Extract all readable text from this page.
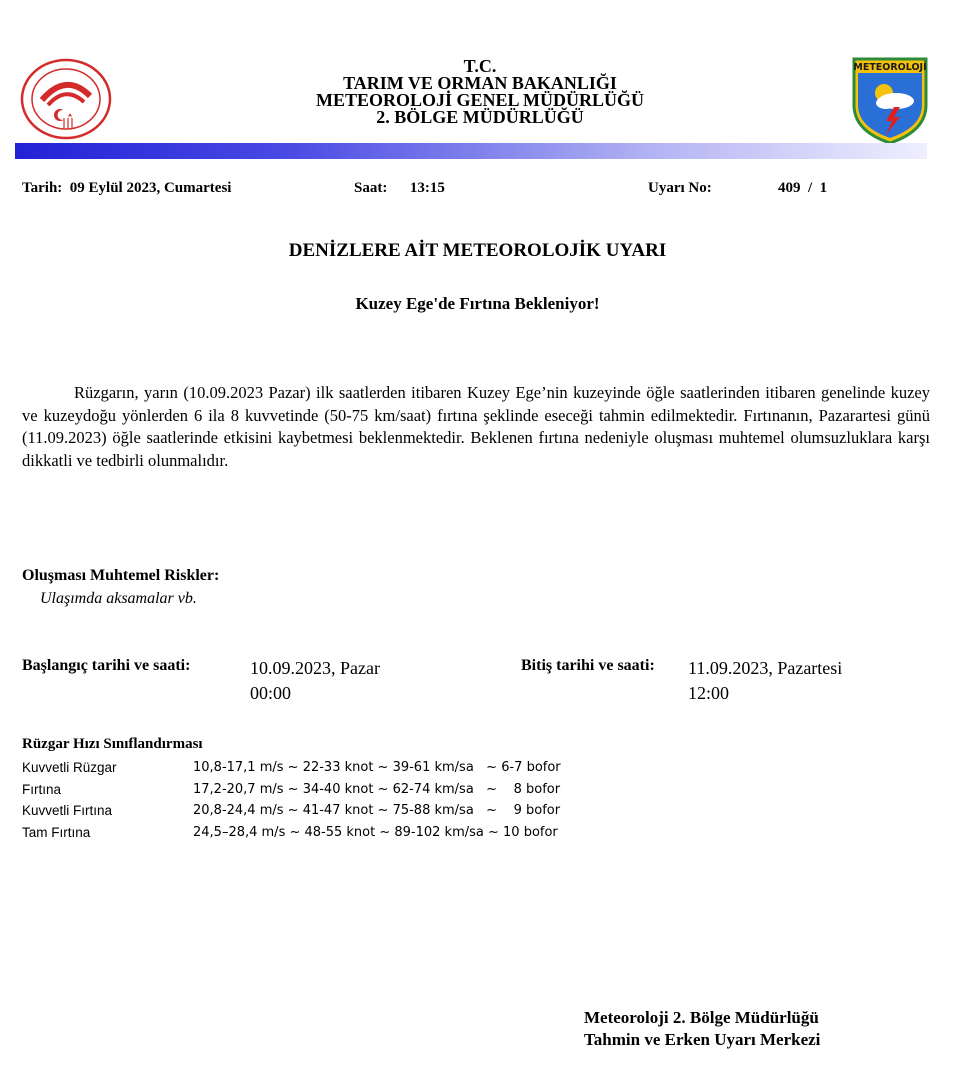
T.C.
TARIM VE ORMAN BAKANLIĞI
METEOROLOJİ GENEL MÜDÜRLÜĞÜ
2. BÖLGE MÜDÜRLÜĞÜ
METEOROLOJİ
Tarih: 09 Eylül 2023, Cumartesi	Saat: 13:15	Uyarı No:	409  /  1
DENİZLERE AİT METEOROLOJİK UYARI
Kuzey Ege'de Fırtına Bekleniyor!
Rüzgarın, yarın (10.09.2023 Pazar) ilk saatlerden itibaren Kuzey Ege’nin kuzeyinde öğle saatlerinden itibaren genelinde kuzey ve kuzeydoğu yönlerden 6 ila 8 kuvvetinde (50-75 km/saat) fırtına şeklinde eseceği tahmin edilmektedir. Fırtınanın, Pazarartesi günü (11.09.2023) öğle saatlerinde etkisini kaybetmesi beklenmektedir. Beklenen fırtına nedeniyle oluşması muhtemel olumsuzluklara karşı dikkatli ve tedbirli olunmalıdır.
Oluşması Muhtemel Riskler:
Ulaşımda aksamalar vb.
Başlangıç tarihi ve saati:	10.09.2023, Pazar
00:00
Bitiş tarihi ve saati: 11.09.2023, Pazartesi
12:00
Rüzgar Hızı Sınıflandırması
Kuvvetli Rüzgar	10,8-17,1 m/s ~ 22-33 knot ~ 39-61 km/sa   ~ 6-7 bofor
Fırtına	17,2-20,7 m/s ~ 34-40 knot ~ 62-74 km/sa   ~    8 bofor
Kuvvetli Fırtına	20,8-24,4 m/s ~ 41-47 knot ~ 75-88 km/sa   ~    9 bofor
Tam Fırtına	24,5–28,4 m/s ~ 48-55 knot ~ 89-102 km/sa ~ 10 bofor
Meteoroloji 2. Bölge Müdürlüğü
Tahmin ve Erken Uyarı Merkezi
